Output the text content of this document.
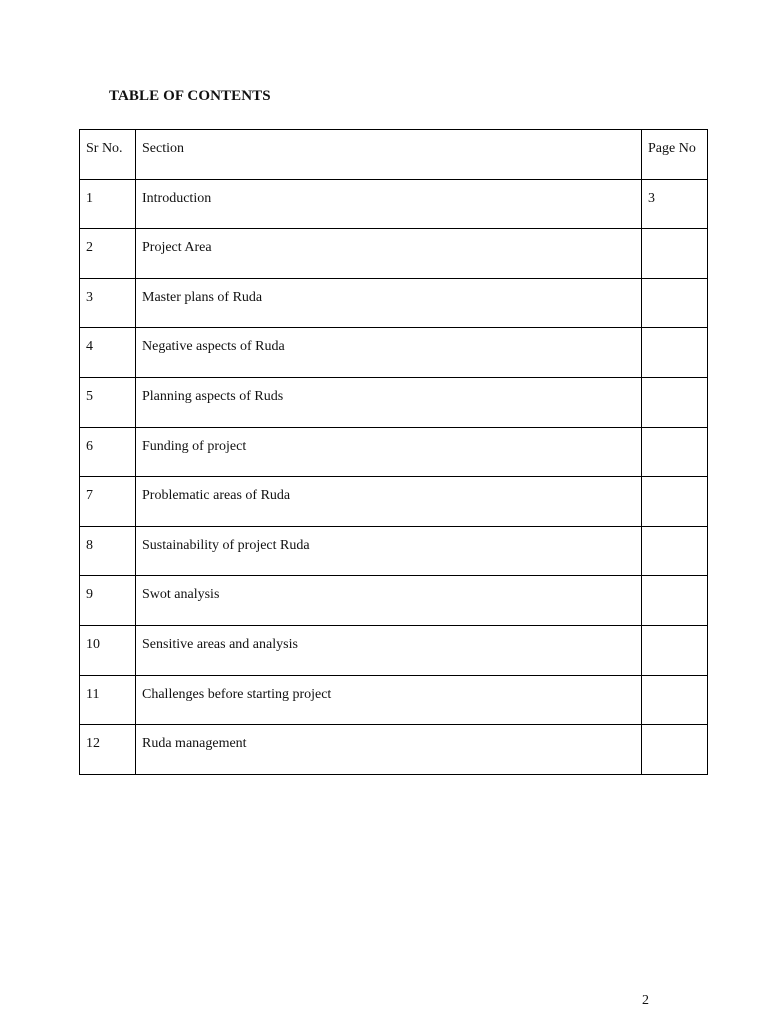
TABLE OF CONTENTS
Sr No.	Section	Page No

1	Introduction	3

2	Project Area	

3	Master plans of Ruda	

4	Negative aspects of Ruda	

5	Planning aspects of Ruds	

6	Funding of project	

7	Problematic areas of Ruda	

8	Sustainability of project Ruda	

9	Swot analysis	

10	Sensitive areas and analysis	

11	Challenges before starting project	

12	Ruda management	

2
